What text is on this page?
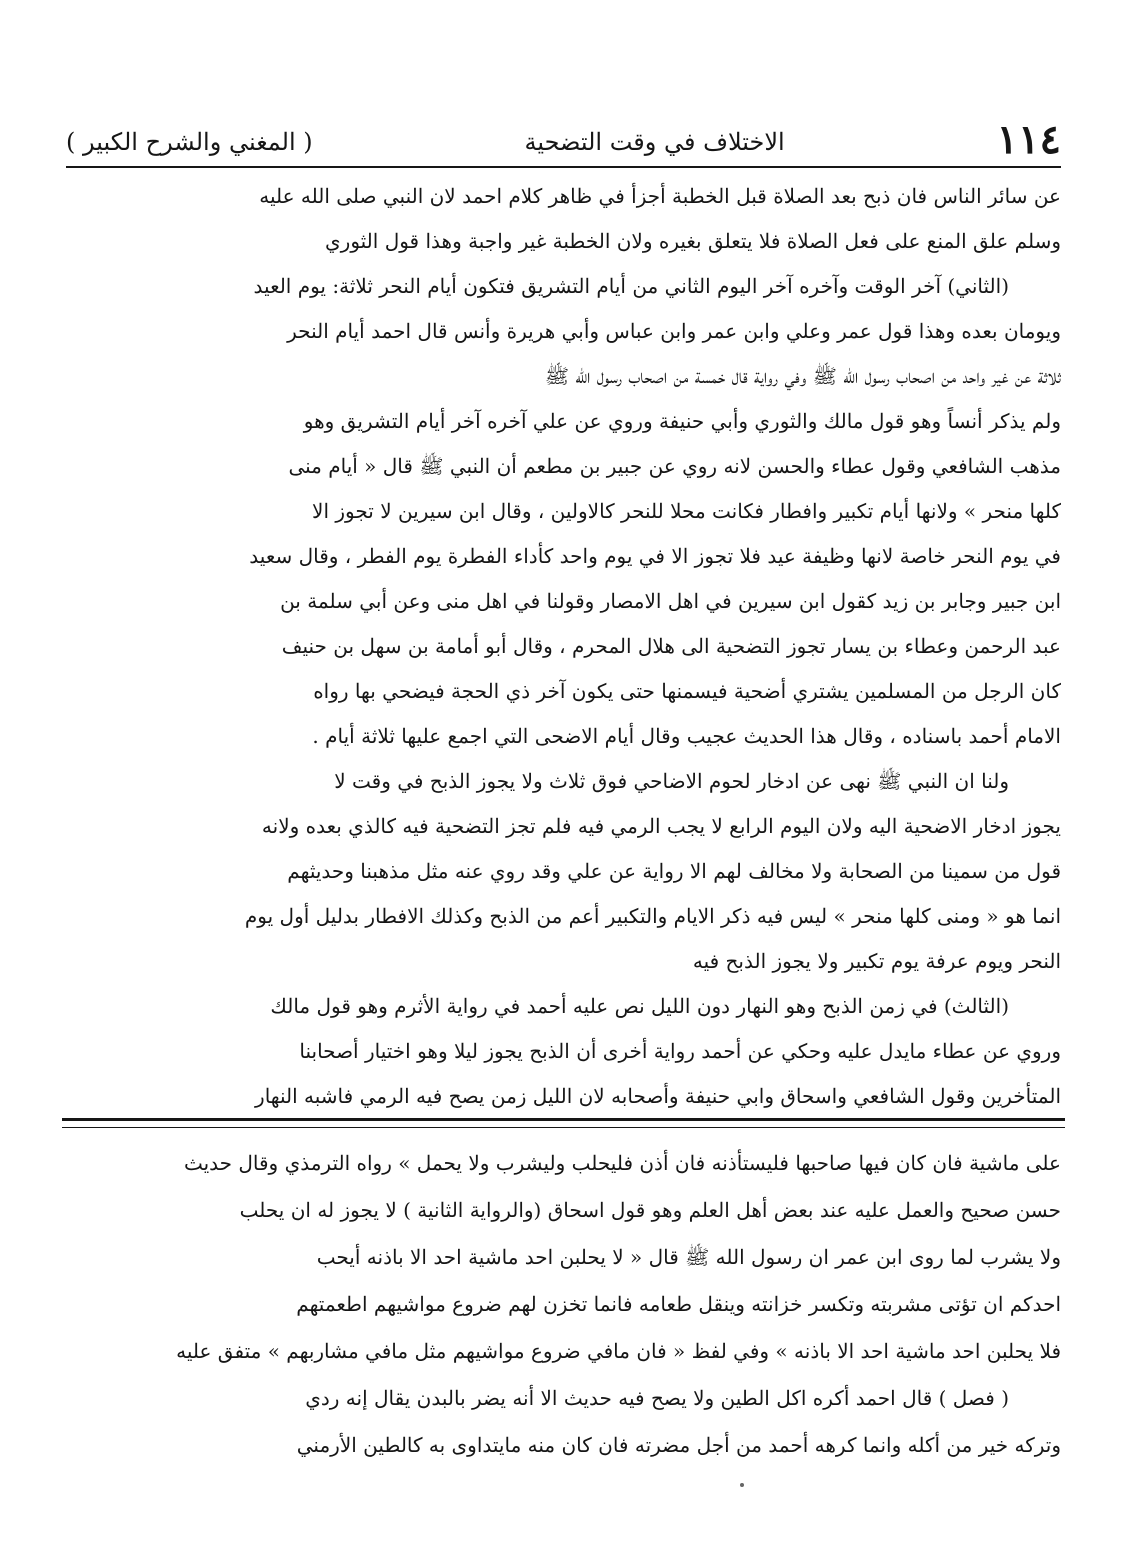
١١٤
الاختلاف في وقت التضحية
( المغني والشرح الكبير )
عن سائر الناس فان ذبح بعد الصلاة قبل الخطبة أجزأ في ظاهر كلام احمد لان النبي صلى الله عليه
وسلم علق المنع على فعل الصلاة فلا يتعلق بغيره ولان الخطبة غير واجبة وهذا قول الثوري
(الثاني) آخر الوقت وآخره آخر اليوم الثاني من أيام التشريق فتكون أيام النحر ثلاثة: يوم العيد
ويومان بعده وهذا قول عمر وعلي وابن عمر وابن عباس وأبي هريرة وأنس قال احمد أيام النحر
ثلاثة عن غير واحد من اصحاب رسول الله ﷺ وفي رواية قال خمسة من اصحاب رسول الله ﷺ
ولم يذكر أنساً وهو قول مالك والثوري وأبي حنيفة وروي عن علي آخره آخر أيام التشريق وهو
مذهب الشافعي وقول عطاء والحسن لانه روي عن جبير بن مطعم أن النبي ﷺ قال « أيام منى
كلها منحر » ولانها أيام تكبير وافطار فكانت محلا للنحر كالاولين ، وقال ابن سيرين لا تجوز الا
في يوم النحر خاصة لانها وظيفة عيد فلا تجوز الا في يوم واحد كأداء الفطرة يوم الفطر ، وقال سعيد
ابن جبير وجابر بن زيد كقول ابن سيرين في اهل الامصار وقولنا في اهل منى وعن أبي سلمة بن
عبد الرحمن وعطاء بن يسار تجوز التضحية الى هلال المحرم ، وقال أبو أمامة بن سهل بن حنيف
كان الرجل من المسلمين يشتري أضحية فيسمنها حتى يكون آخر ذي الحجة فيضحي بها رواه
الامام أحمد باسناده ، وقال هذا الحديث عجيب وقال أيام الاضحى التي اجمع عليها ثلاثة أيام .
ولنا ان النبي ﷺ نهى عن ادخار لحوم الاضاحي فوق ثلاث ولا يجوز الذبح في وقت لا
يجوز ادخار الاضحية اليه ولان اليوم الرابع لا يجب الرمي فيه فلم تجز التضحية فيه كالذي بعده ولانه
قول من سمينا من الصحابة ولا مخالف لهم الا رواية عن علي وقد روي عنه مثل مذهبنا وحديثهم
انما هو « ومنى كلها منحر » ليس فيه ذكر الايام والتكبير أعم من الذبح وكذلك الافطار بدليل أول يوم
النحر ويوم عرفة يوم تكبير ولا يجوز الذبح فيه
(الثالث) في زمن الذبح وهو النهار دون الليل نص عليه أحمد في رواية الأثرم وهو قول مالك
وروي عن عطاء مايدل عليه وحكي عن أحمد رواية أخرى أن الذبح يجوز ليلا وهو اختيار أصحابنا
المتأخرين وقول الشافعي واسحاق وابي حنيفة وأصحابه لان الليل زمن يصح فيه الرمي فاشبه النهار
على ماشية فان كان فيها صاحبها فليستأذنه فان أذن فليحلب وليشرب ولا يحمل » رواه الترمذي وقال حديث
حسن صحيح والعمل عليه عند بعض أهل العلم وهو قول اسحاق (والرواية الثانية ) لا يجوز له ان يحلب
ولا يشرب لما روى ابن عمر ان رسول الله ﷺ قال « لا يحلبن احد ماشية احد الا باذنه أيحب
احدكم ان تؤتى مشربته وتكسر خزانته وينقل طعامه فانما تخزن لهم ضروع مواشيهم اطعمتهم
فلا يحلبن احد ماشية احد الا باذنه » وفي لفظ « فان مافي ضروع مواشيهم مثل مافي مشاربهم » متفق عليه
( فصل ) قال احمد أكره اكل الطين ولا يصح فيه حديث الا أنه يضر بالبدن يقال إنه ردي
وتركه خير من أكله وانما كرهه أحمد من أجل مضرته فان كان منه مايتداوى به كالطين الأرمني
